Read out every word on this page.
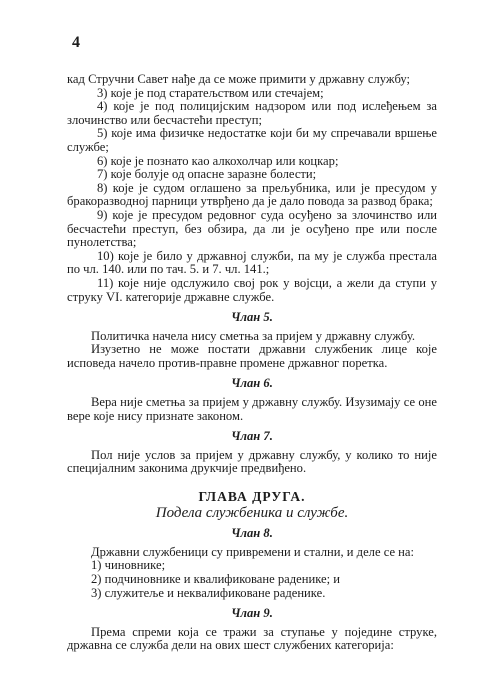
4

кад Стручни Савет нађе да се може примити у државну службу;

3) које је под старатељством или стечајем;

4) које је под полицијским надзором или под ислеђењем за злочинство или бесчастећи преступ;

5) које има физичке недостатке који би му спречавали вршење службе;

6) које је познато као алкохолчар или коцкар;

7) које болује од опасне заразне болести;

8) које је судом оглашено за прељубника, или је пресудом у бракоразводној парници утврђено да је дало повода за развод брака;

9) које је пресудом редовног суда осуђено за злочинство или бесчастећи преступ, без обзира, да ли је осуђено пре или после пунолетства;

10) које је било у државној служби, па му је служба престала по чл. 140. или по тач. 5. и 7. чл. 141.;

11) које није одслужило свој рок у војсци, а жели да ступи у струку VI. категорије државне службе.

Члан 5.

Политичка начела нису сметња за пријем у државну службу.

Изузетно не може постати државни службеник лице које исповеда начело против-правне промене државног поретка.

Члан 6.

Вера није сметња за пријем у државну службу. Изузимају се оне вере које нису признате законом.

Члан 7.

Пол није услов за пријем у државну службу, у колико то није специјалним законима друкчије предвиђено.

ГЛАВА ДРУГА.
Подела службеника и службе.
Члан 8.

Државни службеници су привремени и стални, и деле се на:

1) чиновнике;

2) подчиновнике и квалификоване раденике; и

3) служитеље и неквалификоване раденике.

Члан 9.

Према спреми која се тражи за ступање у поједине струке, државна се служба дели на ових шест службених категорија:
